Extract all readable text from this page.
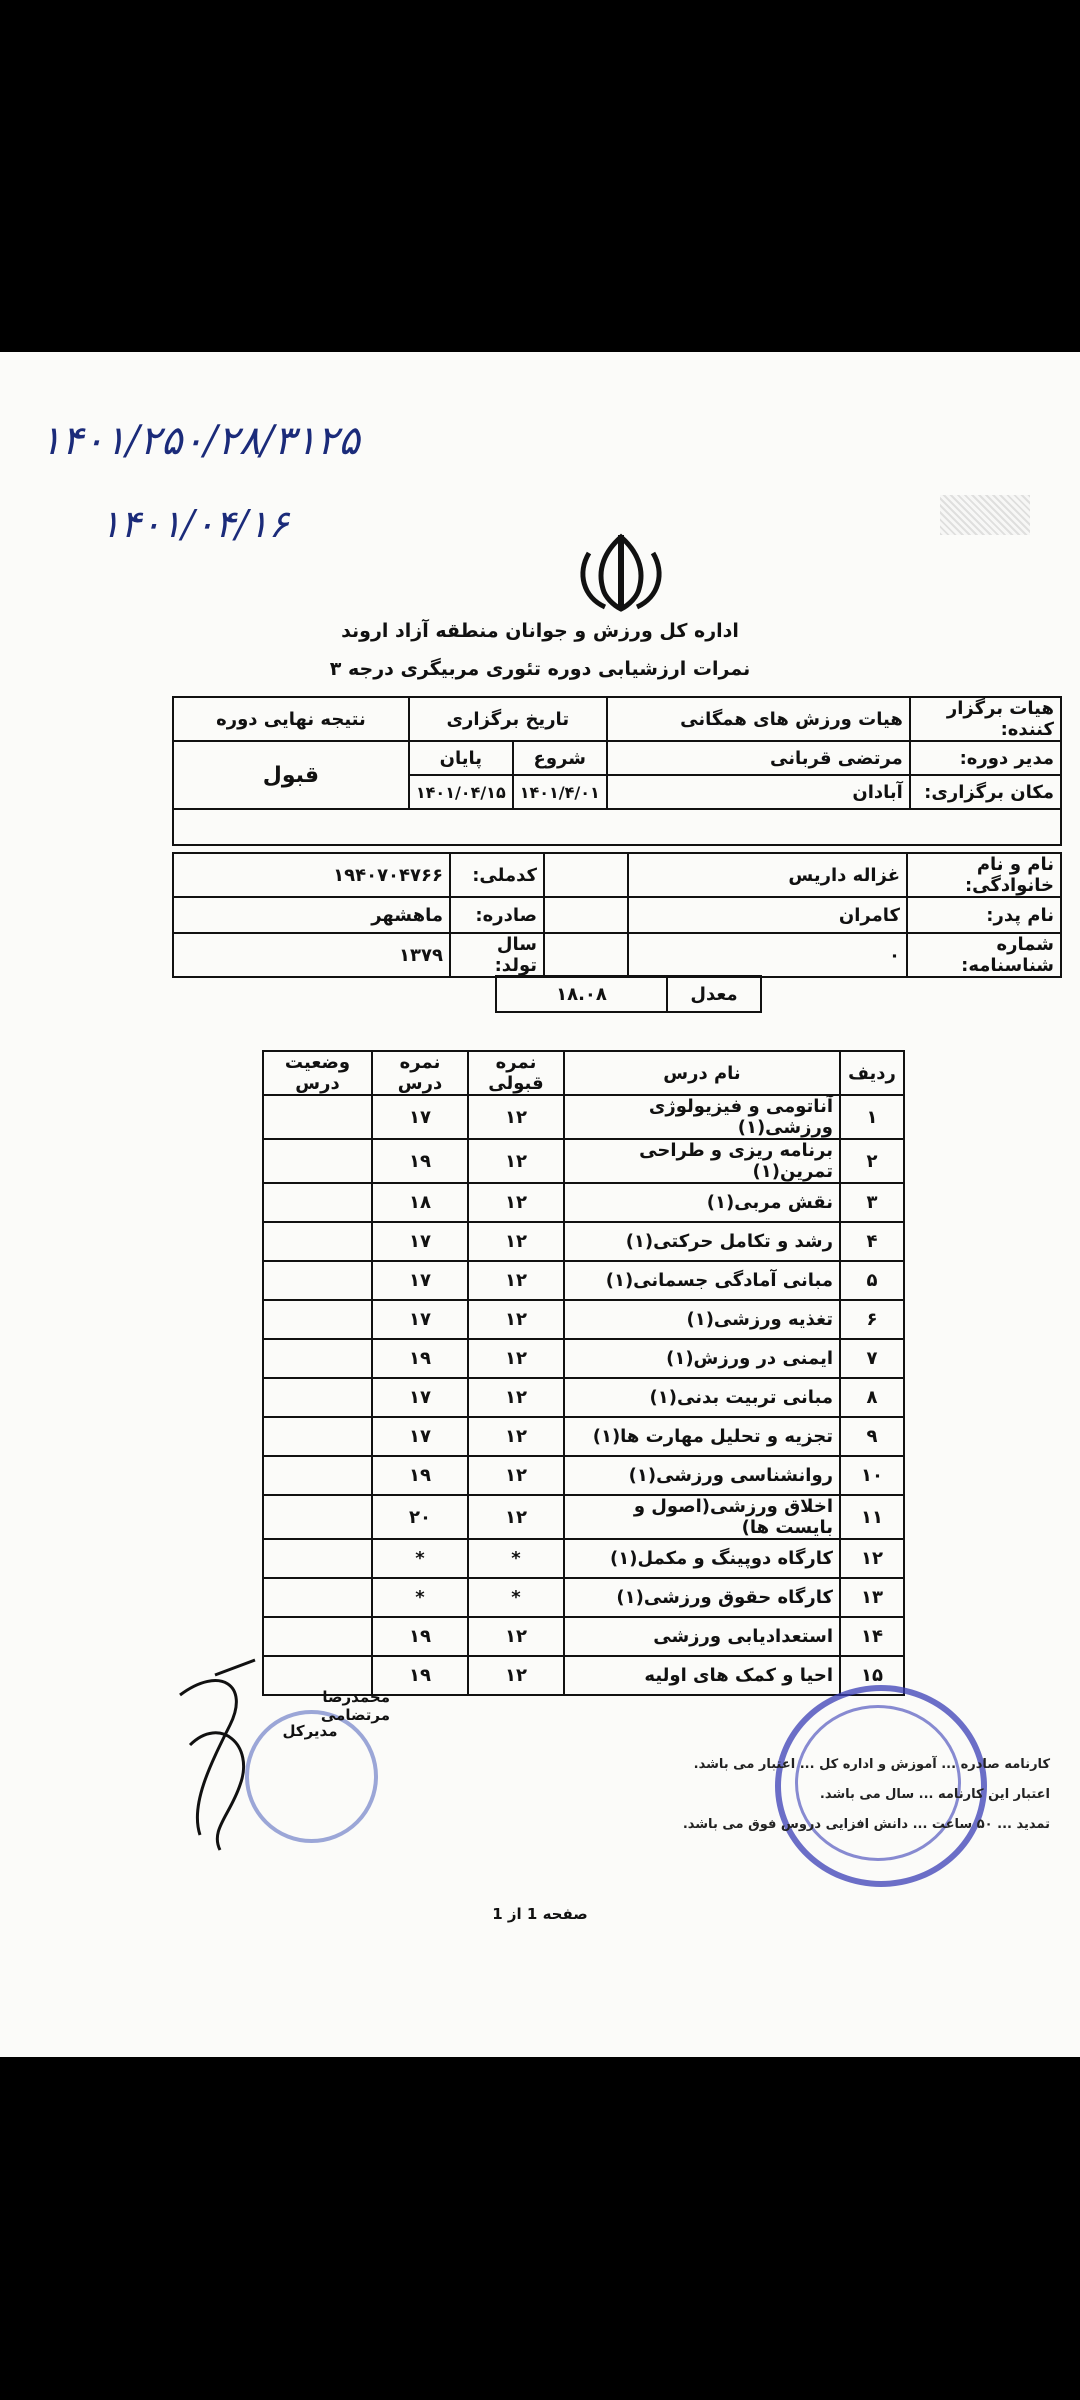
۱۴۰۱/۲۵۰/۲۸/۳۱۲۵
۱۴۰۱/۰۴/۱۶
اداره کل ورزش و جوانان منطقه آزاد اروند
نمرات ارزشیابی دوره تئوری مربیگری درجه ۳
هیات برگزار کننده:	هیات ورزش های همگانی	تاریخ برگزاری		نتیجه نهایی دوره
مدیر دوره:	مرتضی قربانی	شروع	پایان	قبول
مکان برگزاری:	آبادان	۱۴۰۱/۴/۰۱	۱۴۰۱/۰۴/۱۵	

نام و نام خانوادگی:	غزاله داریس		کدملی:	۱۹۴۰۷۰۴۷۶۶
نام پدر:	کامران		صادره:	ماهشهر
شماره شناسنامه:	۰		سال تولد:	۱۳۷۹
معدل	۱۸.۰۸
ردیف	نام درس	نمره قبولی	نمره درس	وضعیت درس
۱	آناتومی و فیزیولوژی ورزشی(۱)	۱۲	۱۷	
۲	برنامه ریزی و طراحی تمرین(۱)	۱۲	۱۹	
۳	نقش مربی(۱)	۱۲	۱۸	
۴	رشد و تکامل حرکتی(۱)	۱۲	۱۷	
۵	مبانی آمادگی جسمانی(۱)	۱۲	۱۷	
۶	تغذیه ورزشی(۱)	۱۲	۱۷	
۷	ایمنی در ورزش(۱)	۱۲	۱۹	
۸	مبانی تربیت بدنی(۱)	۱۲	۱۷	
۹	تجزیه و تحلیل مهارت ها(۱)	۱۲	۱۷	
۱۰	روانشناسی ورزشی(۱)	۱۲	۱۹	
۱۱	اخلاق ورزشی(اصول و بایست ها)	۱۲	۲۰	
۱۲	کارگاه دوپینگ و مکمل(۱)	*	*	
۱۳	کارگاه حقوق ورزشی(۱)	*	*	
۱۴	استعدادیابی ورزشی	۱۲	۱۹	
۱۵	احیا و کمک های اولیه	۱۲	۱۹	
محمدرضا مرتضامی
مدیرکل
کارنامه صادره ... آموزش و اداره کل ... اعتبار می باشد.
اعتبار این کارنامه ... سال می باشد.
تمدید ... ۵۰ ساعت ... دانش افزایی دروس فوق می باشد.
صفحه 1 از 1
